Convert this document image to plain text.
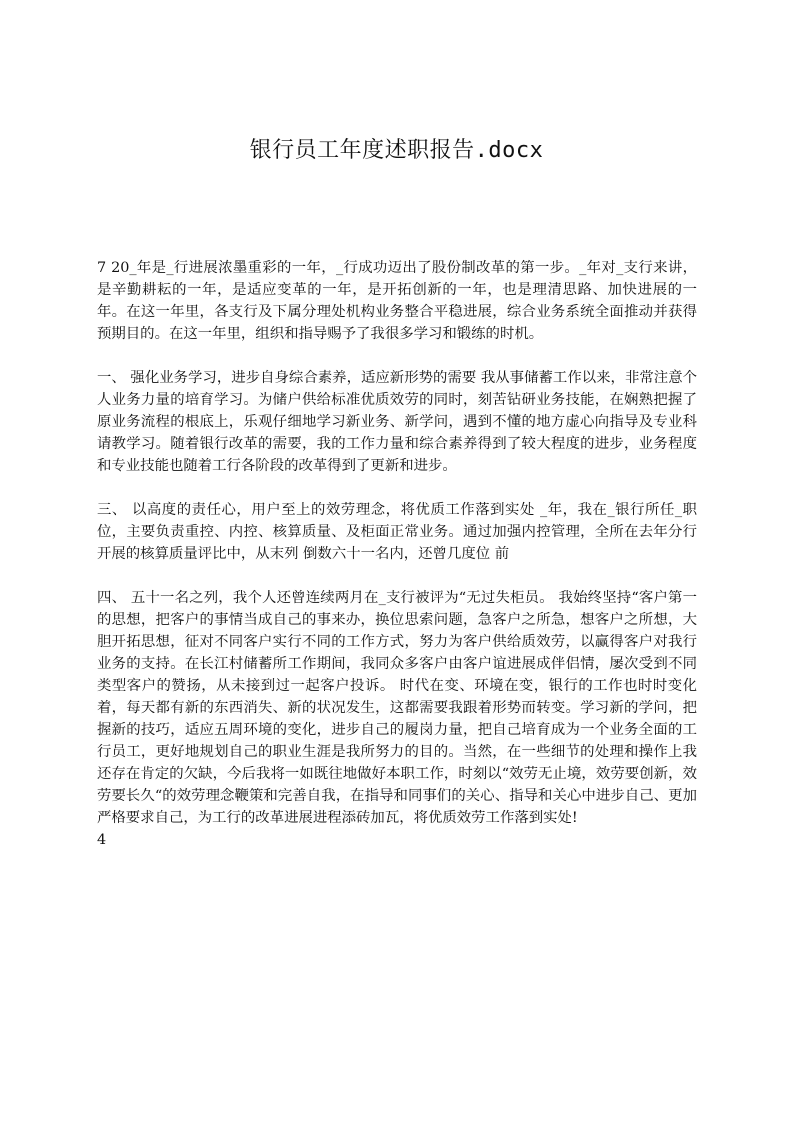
银行员工年度述职报告.docx

7 20_年是_行进展浓墨重彩的一年，_行成功迈出了股份制改革的第一步。_年对_支行来讲，是辛勤耕耘的一年，是适应变革的一年，是开拓创新的一年，也是理清思路、加快进展的一年。在这一年里，各支行及下属分理处机构业务整合平稳进展，综合业务系统全面推动并获得预期目的。在这一年里，组织和指导赐予了我很多学习和锻练的时机。

一、 强化业务学习，进步自身综合素养，适应新形势的需要 我从事储蓄工作以来，非常注意个人业务力量的培育学习。为储户供给标准优质效劳的同时，刻苦钻研业务技能，在娴熟把握了原业务流程的根底上，乐观仔细地学习新业务、新学问，遇到不懂的地方虚心向指导及专业科请教学习。随着银行改革的需要，我的工作力量和综合素养得到了较大程度的进步，业务程度和专业技能也随着工行各阶段的改革得到了更新和进步。

三、 以高度的责任心，用户至上的效劳理念，将优质工作落到实处 _年，我在_银行所任_职位，主要负责重控、内控、核算质量、及柜面正常业务。通过加强内控管理，全所在去年分行开展的核算质量评比中，从末列 倒数六十一名内，还曾几度位 前

四、 五十一名之列，我个人还曾连续两月在_支行被评为“无过失柜员。 我始终坚持“客户第一的思想，把客户的事情当成自己的事来办，换位思索问题，急客户之所急，想客户之所想，大胆开拓思想，征对不同客户实行不同的工作方式，努力为客户供给质效劳，以赢得客户对我行业务的支持。在长江村储蓄所工作期间，我同众多客户由客户谊进展成伴侣情，屡次受到不同类型客户的赞扬，从未接到过一起客户投诉。 时代在变、环境在变，银行的工作也时时变化着，每天都有新的东西消失、新的状况发生，这都需要我跟着形势而转变。学习新的学问，把握新的技巧，适应五周环境的变化，进步自己的履岗力量，把自己培育成为一个业务全面的工行员工，更好地规划自己的职业生涯是我所努力的目的。当然，在一些细节的处理和操作上我还存在肯定的欠缺，今后我将一如既往地做好本职工作，时刻以“效劳无止境，效劳要创新，效劳要长久“的效劳理念鞭策和完善自我，在指导和同事们的关心、指导和关心中进步自己、更加严格要求自己，为工行的改革进展进程添砖加瓦，将优质效劳工作落到实处!
4
